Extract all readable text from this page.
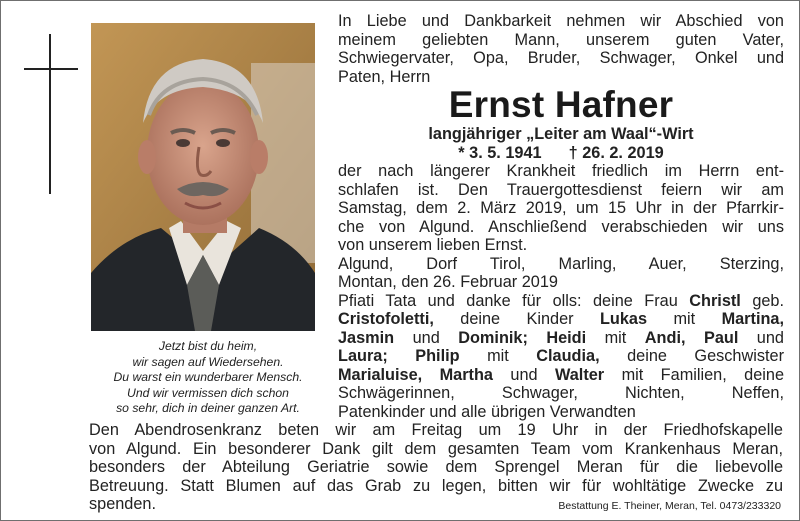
Jetzt bist du heim,
wir sagen auf Wiedersehen.
Du warst ein wunderbarer Mensch.
Und wir vermissen dich schon
so sehr, dich in deiner ganzen Art.
In Liebe und Dankbarkeit nehmen wir Abschied von
meinem geliebten Mann, unserem guten Vater,
Schwiegervater, Opa, Bruder, Schwager, Onkel und
Paten, Herrn
Ernst Hafner
langjähriger „Leiter am Waal“-Wirt
* 3. 5. 1941 † 26. 2. 2019
der nach längerer Krankheit friedlich im Herrn ent-
schlafen ist. Den Trauergottesdienst feiern wir am
Samstag, dem 2. März 2019, um 15 Uhr in der Pfarrkir-
che von Algund. Anschließend verabschieden wir uns
von unserem lieben Ernst.
Algund, Dorf Tirol, Marling, Auer, Sterzing,
Montan, den 26. Februar 2019
Pfiati Tata und danke für olls: deine Frau Christl geb.
Cristofoletti, deine Kinder Lukas mit Martina,
Jasmin und Dominik; Heidi mit Andi, Paul und
Laura; Philip mit Claudia, deine Geschwister
Marialuise, Martha und Walter mit Familien, deine
Schwägerinnen, Schwager, Nichten, Neffen,
Patenkinder und alle übrigen Verwandten
Den Abendrosenkranz beten wir am Freitag um 19 Uhr in der Friedhofskapelle
von Algund. Ein besonderer Dank gilt dem gesamten Team vom Krankenhaus Meran,
besonders der Abteilung Geriatrie sowie dem Sprengel Meran für die liebevolle
Betreuung. Statt Blumen auf das Grab zu legen, bitten wir für wohltätige Zwecke zu
spenden.	Bestattung E. Theiner, Meran, Tel. 0473/233320
